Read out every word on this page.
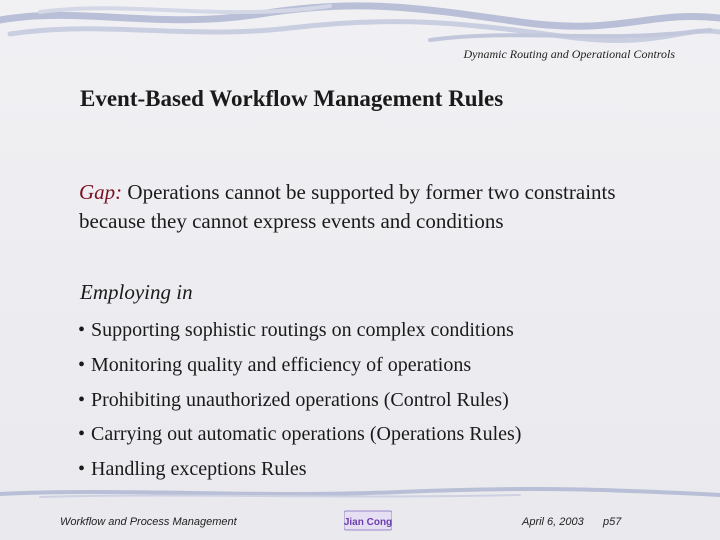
Dynamic Routing and Operational Controls
Event-Based Workflow Management Rules
Gap: Operations cannot be supported by former two constraints because they cannot express events and conditions
Employing in
• Supporting sophistic routings on complex conditions
• Monitoring quality and efficiency of operations
• Prohibiting unauthorized operations (Control Rules)
• Carrying out automatic operations (Operations Rules)
• Handling exceptions Rules
Workflow and Process Management	Jian Cong	April 6, 2003 p57
